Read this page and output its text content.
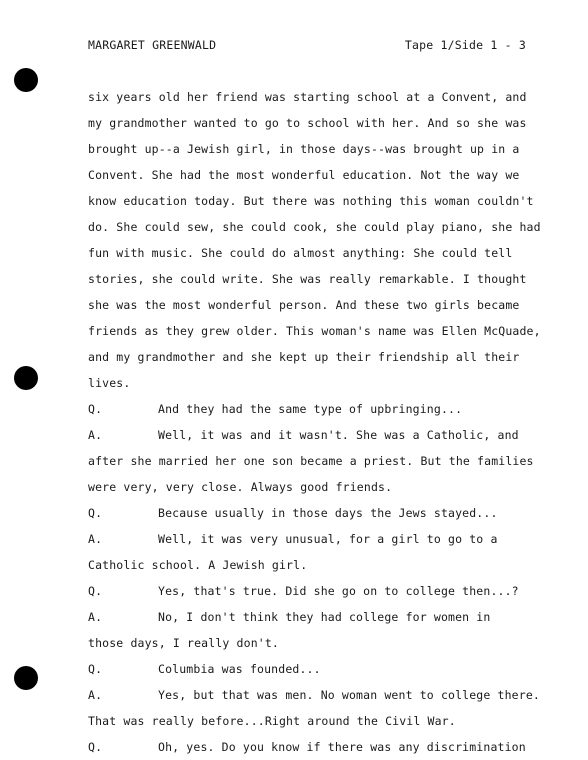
MARGARET GREENWALD	Tape 1/Side 1 - 3
six years old her friend was starting school at a Convent, and
my grandmother wanted to go to school with her. And so she was
brought up--a Jewish girl, in those days--was brought up in a
Convent. She had the most wonderful education. Not the way we
know education today. But there was nothing this woman couldn't
do. She could sew, she could cook, she could play piano, she had
fun with music. She could do almost anything: She could tell
stories, she could write. She was really remarkable. I thought
she was the most wonderful person. And these two girls became
friends as they grew older. This woman's name was Ellen McQuade,
and my grandmother and she kept up their friendship all their
lives.
Q.	And they had the same type of upbringing...
A.	Well, it was and it wasn't. She was a Catholic, and
after she married her one son became a priest. But the families
were very, very close. Always good friends.
Q.	Because usually in those days the Jews stayed...
A.	Well, it was very unusual, for a girl to go to a
Catholic school. A Jewish girl.
Q.	Yes, that's true. Did she go on to college then...?
A.	No, I don't think they had college for women in
those days, I really don't.
Q.	Columbia was founded...
A.	Yes, but that was men. No woman went to college there.
That was really before...Right around the Civil War.
Q.	Oh, yes. Do you know if there was any discrimination
